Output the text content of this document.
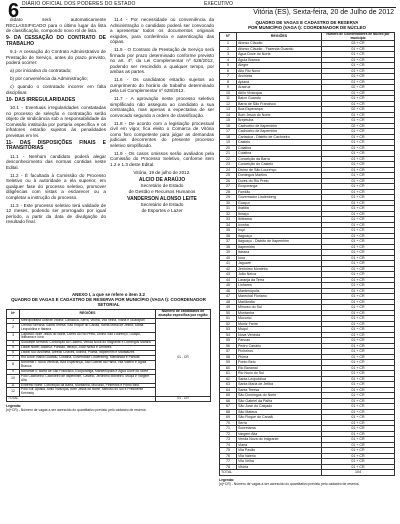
6 DIÁRIO OFICIAL DOS PODERES DO ESTADO	EXECUTIVO
Vitória (ES), Sexta-feira, 20 de Julho de 2012

didato será automaticamente RECLASSIFICADO para o último lugar da lista de classificação, compondo novo rol de lista.

9- DA CESSAÇÃO DO CONTRATO DE TRABALHO

9.1- A cessação do Contrato Administrativo de Prestação de Serviço, antes do prazo previsto, poderá ocorrer:

a) por iniciativa do contratado;

b) por conveniência da Administração;

c) quando o contratado incorrer em falta disciplinar.

10- DAS IRREGULARIDADES

10.1 - Eventuais irregularidades constatadas no processo de seleção e contratação serão objeto de sindicância sob a responsabilidade da Comissão instituída por portaria específica e os infratores estarão sujeitos às penalidades previstas em lei.

11- DAS DISPOSIÇÕES FINAIS E TRANSITÓRIAS

11.1 - Nenhum candidato poderá alegar desconhecimento das normas contidas neste Edital.

11.2 - É facultada à Comissão do Processo Seletivo ou à autoridade a ela superior, em qualquer fase do processo seletivo, promover diligências com vistas a esclarecer ou a completar a instrução do processo.

11.3 - Este processo seletivo terá validade de 12 meses, podendo ser prorrogado por igual período, a partir da data de divulgação do resultado final.

11.4 - Por necessidade ou conveniência da Administração o candidato poderá ser convocado a apresentar todos os documentos originais exigidos, para conferência e autenticação das cópias.

11.5 - O Contrato de Prestação de Serviço será firmado por prazo determinado conforme previsto no art. 4º, da Lei Complementar nº 628/2012, podendo ser rescindido a qualquer tempo, por ambas as partes.

11.6 - Os candidatos estarão sujeitos ao cumprimento do horário de trabalho determinado pela Lei Complementar nº 628/2012.

11.7 - A aprovação neste processo seletivo simplificado não assegura ao candidato a sua contratação, mas apenas a expectativa de ser convocado segundo a ordem de classificação.

11.8 - De acordo com a legislação processual civil em vigor, fica eleito o Comarca de Vitória como foro competente para julgar as demandas judiciais decorrentes do presente processo seletivo simplificado.

11.9 - Os casos omissos serão avaliados pela Comissão do Processo Seletivo, conforme item 1.2 e 1.3 deste Edital.

Vitória, 19 de julho de 2012.

ALCIO DE ARAÚJO
Secretário de Estado
de Gestão e Recursos Humanos

VANDERSON ALONSO LEITE
Secretário de Estado
de Esportes e Lazer

ANEXO I, a que se refere o item 3.2
QUADRO DE VAGAS E CADASTRO DE RESERVA POR MUNICÍPIO (VAGA I): COORDENADOR SETORIAL
Nº	REGIÕES	Número de candidatos de atuação específica por região
1	Metropolitana Grande Vitória: Cariacica, Serra, Vitória, Vila Velha, Viana e Guarapari	01 - CR
2	Central Serrana: Santa Teresa, São Roque do Canaã, Santa Maria de Jetibá, Santa Leopoldina e Itarana	
3	Caparaó: Bom Jesus do Norte, Dores do Rio Preto, Divino São Lourenço, Guaçuí, Ibitirama e Iúna	
4	Sudoeste Serrana: Conceição do Castelo, Venda Nova do Imigrante e Domingos Martins	
5	Litoral Norte: Aracruz, Fundão, Ibiraçu, João Neiva e Linhares	
6	Litoral Sul: Anchieta, Alfredo Chaves, Iconha, Piúma, Itapemirim e Marataízes	
7	Rio Doce: Baixo Guandu, Colatina, Governador Lindenberg, Marilândia e Pancas	
8	Noroeste I: Nova Venécia, Boa Esperança, São Gabriel da Palha, Vila Valério e Águia Branca	
9	Noroeste II: Barra de São Francisco, Ecoporanga, Mantenópolis e Água Doce do Norte	
10	Polo Cachoeiro: Cachoeiro de Itapemirim, Castelo, Jerônimo Monteiro, Muqui e Vargem Alta	
11	Extremo Norte: Conceição da Barra, Montanha, Mucurici, Pinheiros e Ponto Belo	
12	Polo Sul: Apiacá, Atílio Vivácqua, Bom Jesus do Norte, Mimoso do Sul e Presidente Kennedy	
TOTAL		01 - CR
Legenda:
[n]+CR) - Número de vagas a ser acrescido do quantitativo previsto pelo cadastro de reserva.
QUADRO DE VAGAS E CADASTRO DE RESERVA
POR MUNICÍPIO (VAGA I): COORDENADOR DE NÚCLEO
Nº	REGIÕES	Número de Coordenadores de Núcleo por município
1	Afonso Cláudio	03 + CR
2	Afonso Cláudio - Fazenda Guandu	01 + CR
3	Água Doce do Norte	01 + CR
4	Águia Branca	01 + CR
5	Alegre	01 + CR
6	Alto Rio Novo	01 + CR
7	Anchieta	01 + CR
8	Apiacá	01 + CR
9	Aracruz	02 + CR
10	Atílio Vivácqua	01 + CR
11	Baixo Guandu	01 + CR
12	Barra de São Francisco	01 + CR
13	Boa Esperança	02 + CR
14	Bom Jesus do Norte	01 + CR
15	Brejetuba	01 + CR
16	Cachoeiro de Itapemirim	02 + CR
17	Cachoeiro de Itapemirim	01 + CR
18	Cariacica - Distrito de Cachoeiro	01 + CR
19	Castelo	01 + CR
20	Colatina	01 + CR
21	Colatina	01 + CR
22	Conceição da Barra	01 + CR
23	Conceição do Castelo	01 + CR
24	Divino de São Lourenço	01 + CR
25	Domingos Martins	01 + CR
26	Dores do Rio Preto	01 + CR
27	Ecoporanga	01 + CR
28	Fundão	01 + CR
29	Governador Lindenberg	01 + CR
30	Guaçuí	01 + CR
31	Ibatiba	01 + CR
32	Ibiraçu	01 + CR
33	Ibitirama	01 + CR
34	Iconha	01 + CR
35	Irupi	01 + CR
36	Itaguaçu	01 + CR
37	Itaguaçu - Distrito de Itapemirim	01 + CR
38	Itapemirim	01 + CR
39	Itarana	01 + CR
40	Iúna	01 + CR
41	Jaguaré	01 + CR
42	Jerônimo Monteiro	01 + CR
43	João Neiva	01 + CR
44	Laranja da Terra	01 + CR
45	Linhares	01 + CR
46	Mantenópolis	01 + CR
47	Marechal Floriano	01 + CR
48	Marilândia	01 + CR
49	Mimoso do Sul	01 + CR
50	Montanha	01 + CR
51	Mucurici	01 + CR
52	Muniz Freire	01 + CR
53	Muqui	01 + CR
54	Nova Venécia	01 + CR
55	Pancas	01 + CR
56	Pedro Canário	01 + CR
57	Pinheiros	01 + CR
58	Piúma	01 + CR
59	Ponto Belo	01 + CR
60	Rio Bananal	01 + CR
61	Rio Novo do Sul	01 + CR
62	Santa Leopoldina	01 + CR
63	Santa Maria de Jetibá	01 + CR
64	Santa Teresa	01 + CR
65	São Domingos do Norte	01 + CR
66	São Gabriel da Palha	01 + CR
67	São José do Calçado	01 + CR
68	São Mateus	01 + CR
69	São Roque do Canaã	01 + CR
70	Serra	01 + CR
71	Sooretama	01 + CR
72	Vargem Alta	01 + CR
73	Venda Nova do Imigrante	01 + CR
74	Viana	01 + CR
75	Vila Pavão	01 + CR
76	Vila Valério	01 + CR
77	Vila Velha	01 + CR
78	Vitória	01 + CR
TOTAL		104
Legenda:
[n]+CR) - Número de vagas a ser acrescido do quantitativo previsto pelo cadastro de reserva.
